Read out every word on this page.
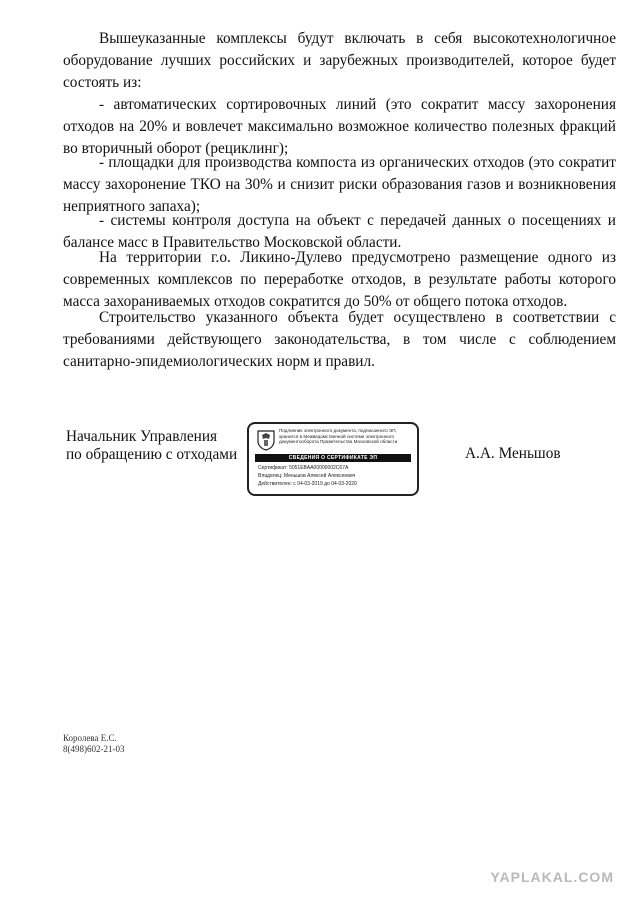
Вышеуказанные комплексы будут включать в себя высокотехнологичное оборудование лучших российских и зарубежных производителей, которое будет состоять из:

- автоматических сортировочных линий (это сократит массу захоронения отходов на 20% и вовлечет максимально возможное количество полезных фракций во вторичный оборот (рециклинг);

- площадки для производства компоста из органических отходов (это сократит массу захоронение ТКО на 30% и снизит риски образования газов и возникновения неприятного запаха);

- системы контроля доступа на объект с передачей данных о посещениях и балансе масс в Правительство Московской области.

На территории г.о. Ликино-Дулево предусмотрено размещение одного из современных комплексов по переработке отходов, в результате работы которого масса захораниваемых отходов сократится до 50% от общего потока отходов.

Строительство указанного объекта будет осуществлено в соответствии с требованиями действующего законодательства, в том числе с соблюдением санитарно-эпидемиологических норм и правил.

Начальник Управления
по обращению с отходами
Подлинник электронного документа, подписанного ЭП, хранится в Межведомственной системе электронного документооборота Правительства Московской области
СВЕДЕНИЯ О СЕРТИФИКАТЕ ЭП
Сертификат: 5051EBAA00000002C67A
Владелец: Меньшов Алексей Алексеевич
Действителен: с 04-03-2019 до 04-03-2020
А.А. Меньшов
Королева Е.С.
8(498)602-21-03
YAPLAKAL.COM
